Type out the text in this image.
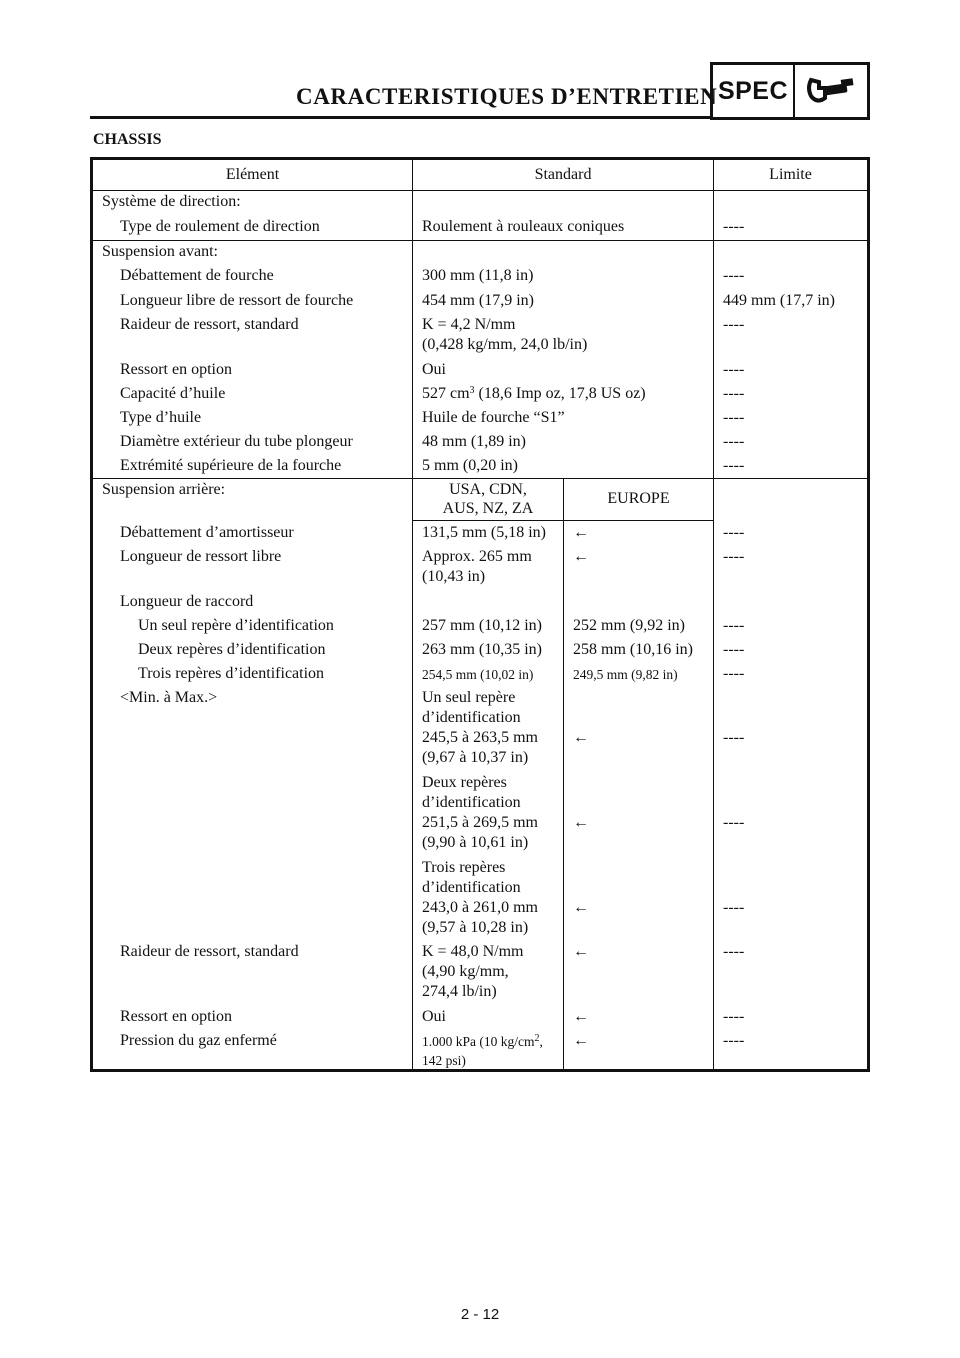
CARACTERISTIQUES D’ENTRETIEN SPEC
CHASSIS
Elément	Standard	Limite
Système de direction:
Type de roulement de direction	Roulement à rouleaux coniques	----
Suspension avant:
Débattement de fourche	300 mm (11,8 in)	----
Longueur libre de ressort de fourche	454 mm (17,9 in)	449 mm (17,7 in)
Raideur de ressort, standard	K = 4,2 N/mm
(0,428 kg/mm, 24,0 lb/in)
----
Ressort en option	Oui	----
Capacité d’huile	527 $cm^3$ (18,6 Imp oz, 17,8 US oz)	----
Type d’huile	Huile de fourche “S1”	----
Diamètre extérieur du tube plongeur	48 mm (1,89 in)	----
Extrémité supérieure de la fourche	5 mm (0,20 in)	----
Suspension arrière:	USA, CDN,
AUS, NZ, ZA
EUROPE
Débattement d’amortisseur	131,5 mm (5,18 in) ←	----
Longueur de ressort libre	Approx. 265 mm
(10,43 in)
←	----
Longueur de raccord
Un seul repère d’identification	257 mm (10,12 in) 252 mm (9,92 in) ----
Deux repères d’identification	263 mm (10,35 in) 258 mm (10,16 in) ----
Trois repères d’identification	254,5 mm (10,02 in)	249,5 mm (9,82 in)	----
<Min. à Max.>	Un seul repère
d’identification
245,5 à 263,5 mm
(9,67 à 10,37 in)
←	----
Deux repères
d’identification
251,5 à 269,5 mm
(9,90 à 10,61 in)
←	----
Trois repères
d’identification
243,0 à 261,0 mm
(9,57 à 10,28 in)
←	----
Raideur de ressort, standard	K = 48,0 N/mm
(4,90 kg/mm,
274,4 lb/in)
←	----
Ressort en option	Oui	←	----
Pression du gaz enfermé	1.000 kPa (10 $kg/cm^2$,
142 psi)
←	----
2 - 12
